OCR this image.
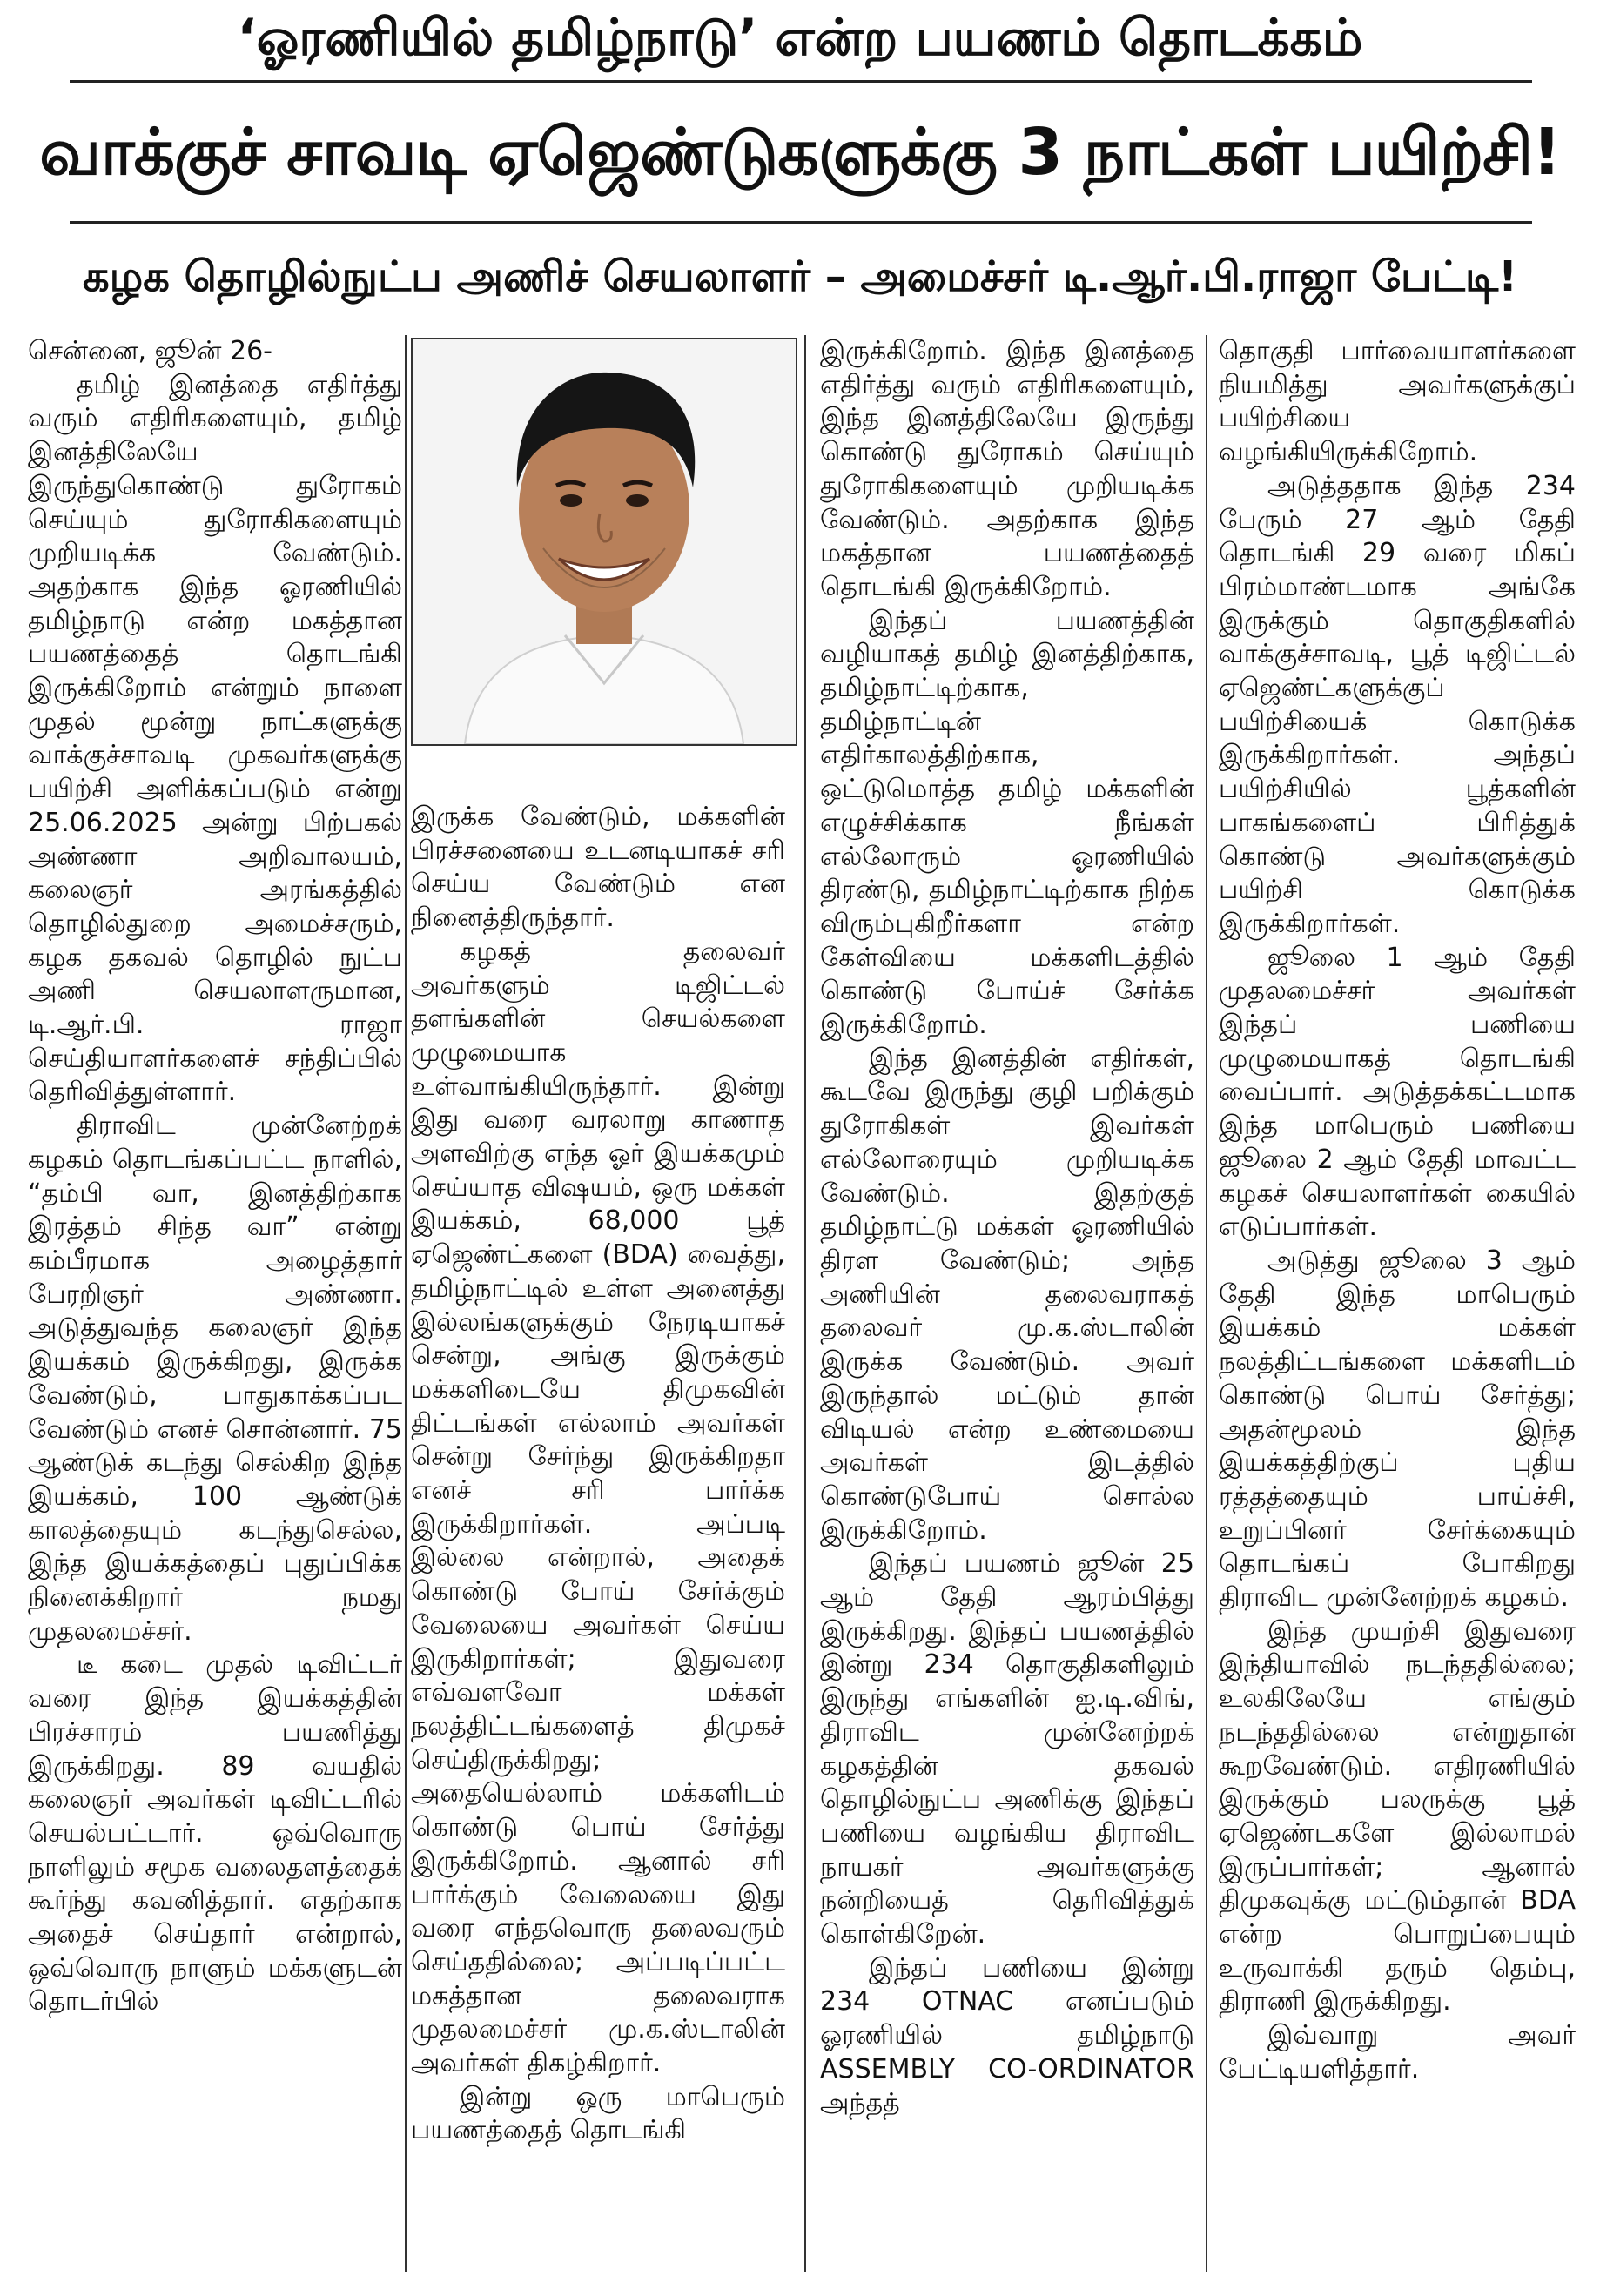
‘ஓரணியில் தமிழ்நாடு’ என்ற பயணம் தொடக்கம்
வாக்குச் சாவடி ஏஜெண்டுகளுக்கு 3 நாட்கள் பயிற்சி!
கழக தொழில்நுட்ப அணிச் செயலாளர் – அமைச்சர் டி.ஆர்.பி.ராஜா பேட்டி!

சென்னை, ஜூன் 26-

தமிழ் இனத்தை எதிர்த்து வரும் எதிரிகளையும், தமிழ் இனத்திலேயே இருந்துகொண்டு துரோகம் செய்யும் துரோகிகளையும் முறியடிக்க வேண்டும். அதற்காக இந்த ஓரணியில் தமிழ்நாடு என்ற மகத்தான பயணத்தைத் தொடங்கி இருக்கிறோம் என்றும் நாளை முதல் மூன்று நாட்களுக்கு வாக்குச்சாவடி முகவர்களுக்கு பயிற்சி அளிக்கப்படும் என்று 25.06.2025 அன்று பிற்பகல் அண்ணா அறிவாலயம், கலைஞர் அரங்கத்தில் தொழில்துறை அமைச்சரும், கழக தகவல் தொழில் நுட்ப அணி செயலாளருமான, டி.ஆர்.பி. ராஜா செய்தியாளர்களைச் சந்திப்பில் தெரிவித்துள்ளார்.

திராவிட முன்னேற்றக் கழகம் தொடங்கப்பட்ட நாளில், “தம்பி வா, இனத்திற்காக இரத்தம் சிந்த வா” என்று கம்பீரமாக அழைத்தார் பேரறிஞர் அண்ணா. அடுத்துவந்த கலைஞர் இந்த இயக்கம் இருக்கிறது, இருக்க வேண்டும், பாதுகாக்கப்பட வேண்டும் எனச் சொன்னார். 75 ஆண்டுக் கடந்து செல்கிற இந்த இயக்கம், 100 ஆண்டுக் காலத்தையும் கடந்துசெல்ல, இந்த இயக்கத்தைப் புதுப்பிக்க நினைக்கிறார் நமது முதலமைச்சர்.

டீ கடை முதல் டிவிட்டர் வரை இந்த இயக்கத்தின் பிரச்சாரம் பயணித்து இருக்கிறது. 89 வயதில் கலைஞர் அவர்கள் டிவிட்டரில் செயல்பட்டார். ஒவ்வொரு நாளிலும் சமூக வலைதளத்தைக் கூர்ந்து கவனித்தார். எதற்காக அதைச் செய்தார் என்றால், ஒவ்வொரு நாளும் மக்களுடன் தொடர்பில்

இருக்க வேண்டும், மக்களின் பிரச்சனையை உடனடியாகச் சரி செய்ய வேண்டும் என நினைத்திருந்தார்.

கழகத் தலைவர் அவர்களும் டிஜிட்டல் தளங்களின் செயல்களை முழுமையாக உள்வாங்கியிருந்தார். இன்று இது வரை வரலாறு காணாத அளவிற்கு எந்த ஓர் இயக்கமும் செய்யாத விஷயம், ஒரு மக்கள் இயக்கம், 68,000 பூத் ஏஜெண்ட்களை (BDA) வைத்து, தமிழ்நாட்டில் உள்ள அனைத்து இல்லங்களுக்கும் நேரடியாகச் சென்று, அங்கு இருக்கும் மக்களிடையே திமுகவின் திட்டங்கள் எல்லாம் அவர்கள் சென்று சேர்ந்து இருக்கிறதா எனச் சரி பார்க்க இருக்கிறார்கள். அப்படி இல்லை என்றால், அதைக் கொண்டு போய் சேர்க்கும் வேலையை அவர்கள் செய்ய இருகிறார்கள்; இதுவரை எவ்வளவோ மக்கள் நலத்திட்டங்களைத் திமுகச் செய்திருக்கிறது; அதையெல்லாம் மக்களிடம் கொண்டு பொய் சேர்த்து இருக்கிறோம். ஆனால் சரி பார்க்கும் வேலையை இது வரை எந்தவொரு தலைவரும் செய்ததில்லை; அப்படிப்பட்ட மகத்தான தலைவராக முதலமைச்சர் மு.க.ஸ்டாலின் அவர்கள் திகழ்கிறார்.

இன்று ஒரு மாபெரும் பயணத்தைத் தொடங்கி

இருக்கிறோம். இந்த இனத்தை எதிர்த்து வரும் எதிரிகளையும், இந்த இனத்திலேயே இருந்து கொண்டு துரோகம் செய்யும் துரோகிகளையும் முறியடிக்க வேண்டும். அதற்காக இந்த மகத்தான பயணத்தைத் தொடங்கி இருக்கிறோம்.

இந்தப் பயணத்தின் வழியாகத் தமிழ் இனத்திற்காக, தமிழ்நாட்டிற்காக, தமிழ்நாட்டின் எதிர்காலத்திற்காக, ஒட்டுமொத்த தமிழ் மக்களின் எழுச்சிக்காக நீங்கள் எல்லோரும் ஓரணியில் திரண்டு, தமிழ்நாட்டிற்காக நிற்க விரும்புகிறீர்களா என்ற கேள்வியை மக்களிடத்தில் கொண்டு போய்ச் சேர்க்க இருக்கிறோம்.

இந்த இனத்தின் எதிர்கள், கூடவே இருந்து குழி பறிக்கும் துரோகிகள் இவர்கள் எல்லோரையும் முறியடிக்க வேண்டும். இதற்குத் தமிழ்நாட்டு மக்கள் ஓரணியில் திரள வேண்டும்; அந்த அணியின் தலைவராகத் தலைவர் மு.க.ஸ்டாலின் இருக்க வேண்டும். அவர் இருந்தால் மட்டும் தான் விடியல் என்ற உண்மையை அவர்கள் இடத்தில் கொண்டுபோய் சொல்ல இருக்கிறோம்.

இந்தப் பயணம் ஜூன் 25 ஆம் தேதி ஆரம்பித்து இருக்கிறது. இந்தப் பயணத்தில் இன்று 234 தொகுதிகளிலும் இருந்து எங்களின் ஐ.டி.விங், திராவிட முன்னேற்றக் கழகத்தின் தகவல் தொழில்நுட்ப அணிக்கு இந்தப் பணியை வழங்கிய திராவிட நாயகர் அவர்களுக்கு நன்றியைத் தெரிவித்துக் கொள்கிறேன்.

இந்தப் பணியை இன்று 234 OTNAC எனப்படும் ஓரணியில் தமிழ்நாடு ASSEMBLY CO-ORDINATOR அந்தத்

தொகுதி பார்வையாளர்களை நியமித்து அவர்களுக்குப் பயிற்சியை வழங்கியிருக்கிறோம்.

அடுத்ததாக இந்த 234 பேரும் 27 ஆம் தேதி தொடங்கி 29 வரை மிகப் பிரம்மாண்டமாக அங்கே இருக்கும் தொகுதிகளில் வாக்குச்சாவடி, பூத் டிஜிட்டல் ஏஜெண்ட்களுக்குப் பயிற்சியைக் கொடுக்க இருக்கிறார்கள். அந்தப் பயிற்சியில் பூத்களின் பாகங்களைப் பிரித்துக் கொண்டு அவர்களுக்கும் பயிற்சி கொடுக்க இருக்கிறார்கள்.

ஜூலை 1 ஆம் தேதி முதலமைச்சர் அவர்கள் இந்தப் பணியை முழுமையாகத் தொடங்கி வைப்பார். அடுத்தக்கட்டமாக இந்த மாபெரும் பணியை ஜூலை 2 ஆம் தேதி மாவட்ட கழகச் செயலாளர்கள் கையில் எடுப்பார்கள்.

அடுத்து ஜூலை 3 ஆம் தேதி இந்த மாபெரும் இயக்கம் மக்கள் நலத்திட்டங்களை மக்களிடம் கொண்டு பொய் சேர்த்து; அதன்மூலம் இந்த இயக்கத்திற்குப் புதிய ரத்தத்தையும் பாய்ச்சி, உறுப்பினர் சேர்க்கையும் தொடங்கப் போகிறது திராவிட முன்னேற்றக் கழகம்.

இந்த முயற்சி இதுவரை இந்தியாவில் நடந்ததில்லை; உலகிலேயே எங்கும் நடந்ததில்லை என்றுதான் கூறவேண்டும். எதிரணியில் இருக்கும் பலருக்கு பூத் ஏஜெண்டகளே இல்லாமல் இருப்பார்கள்; ஆனால் திமுகவுக்கு மட்டும்தான் BDA என்ற பொறுப்பையும் உருவாக்கி தரும் தெம்பு, திராணி இருக்கிறது.

இவ்வாறு அவர் பேட்டியளித்தார்.
